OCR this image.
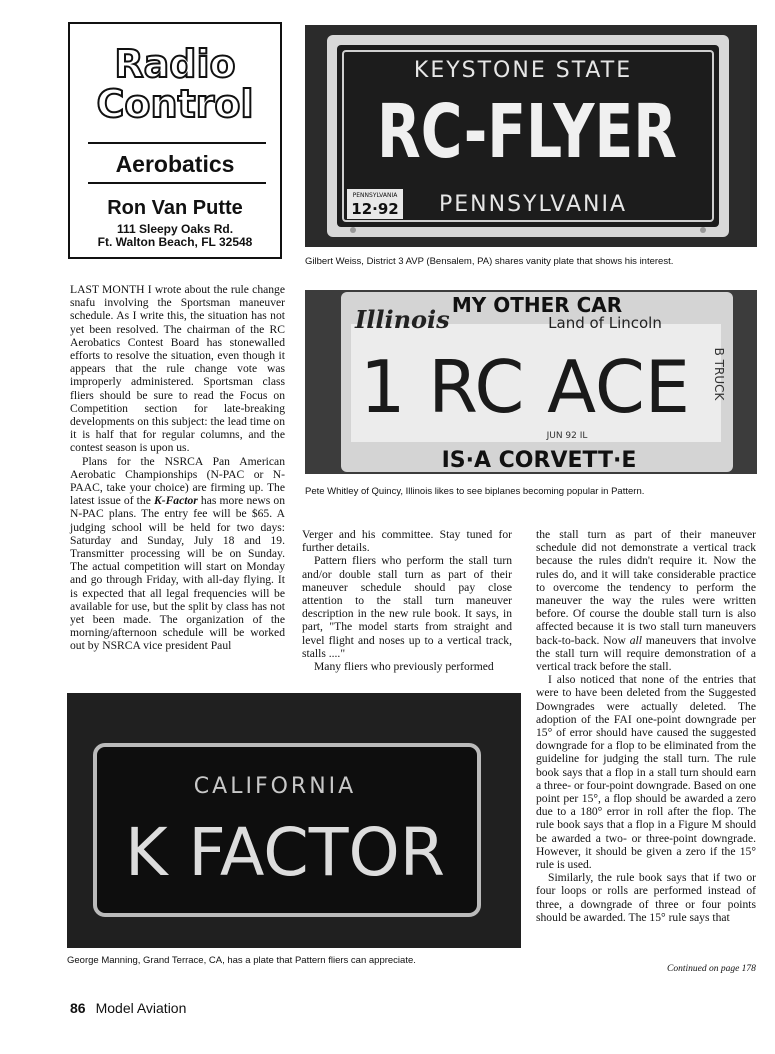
Radio
Control
Aerobatics
Ron Van Putte
111 Sleepy Oaks Rd.
Ft. Walton Beach, FL 32548
KEYSTONE STATE
RC-FLYER
PENNSYLVANIA
12·92 PENNSYLVANIA
Gilbert Weiss, District 3 AVP (Bensalem, PA) shares vanity plate that shows his interest.
MY OTHER CAR
Illinois	Land of Lincoln
1 RC ACE B TRUCK
JUN 92 IL
IS·A CORVETT·E
Pete Whitley of Quincy, Illinois likes to see biplanes becoming popular in Pattern.
CALIFORNIA
K FACTOR
George Manning, Grand Terrace, CA, has a plate that Pattern fliers can appreciate.

LAST MONTH I wrote about the rule change snafu involving the Sportsman maneuver schedule. As I write this, the situation has not yet been resolved. The chairman of the RC Aerobatics Contest Board has stonewalled efforts to resolve the situation, even though it appears that the rule change vote was improperly administered. Sportsman class fliers should be sure to read the Focus on Competition section for late-breaking developments on this subject: the lead time on it is half that for regular columns, and the contest season is upon us.

Plans for the NSRCA Pan American Aerobatic Championships (N-PAC or N-PAAC, take your choice) are firming up. The latest issue of the K-Factor has more news on N-PAC plans. The entry fee will be $65. A judging school will be held for two days: Saturday and Sunday, July 18 and 19. Transmitter processing will be on Sunday. The actual competition will start on Monday and go through Friday, with all-day flying. It is expected that all legal frequencies will be available for use, but the split by class has not yet been made. The organization of the morning/afternoon schedule will be worked out by NSRCA vice president Paul

Verger and his committee. Stay tuned for further details.

Pattern fliers who perform the stall turn and/or double stall turn as part of their maneuver schedule should pay close attention to the stall turn maneuver description in the new rule book. It says, in part, "The model starts from straight and level flight and noses up to a vertical track, stalls ...."

Many fliers who previously performed

the stall turn as part of their maneuver schedule did not demonstrate a vertical track because the rules didn't require it. Now the rules do, and it will take considerable practice to overcome the tendency to perform the maneuver the way the rules were written before. Of course the double stall turn is also affected because it is two stall turn maneuvers back-to-back. Now all maneuvers that involve the stall turn will require demonstration of a vertical track before the stall.

I also noticed that none of the entries that were to have been deleted from the Suggested Downgrades were actually deleted. The adoption of the FAI one-point downgrade per 15° of error should have caused the suggested downgrade for a flop to be eliminated from the guideline for judging the stall turn. The rule book says that a flop in a stall turn should earn a three- or four-point downgrade. Based on one point per 15°, a flop should be awarded a zero due to a 180° error in roll after the flop. The rule book says that a flop in a Figure M should be awarded a two- or three-point downgrade. However, it should be given a zero if the 15° rule is used.

Similarly, the rule book says that if two or four loops or rolls are performed instead of three, a downgrade of three or four points should be awarded. The 15° rule says that

Continued on page 178
86 Model Aviation
